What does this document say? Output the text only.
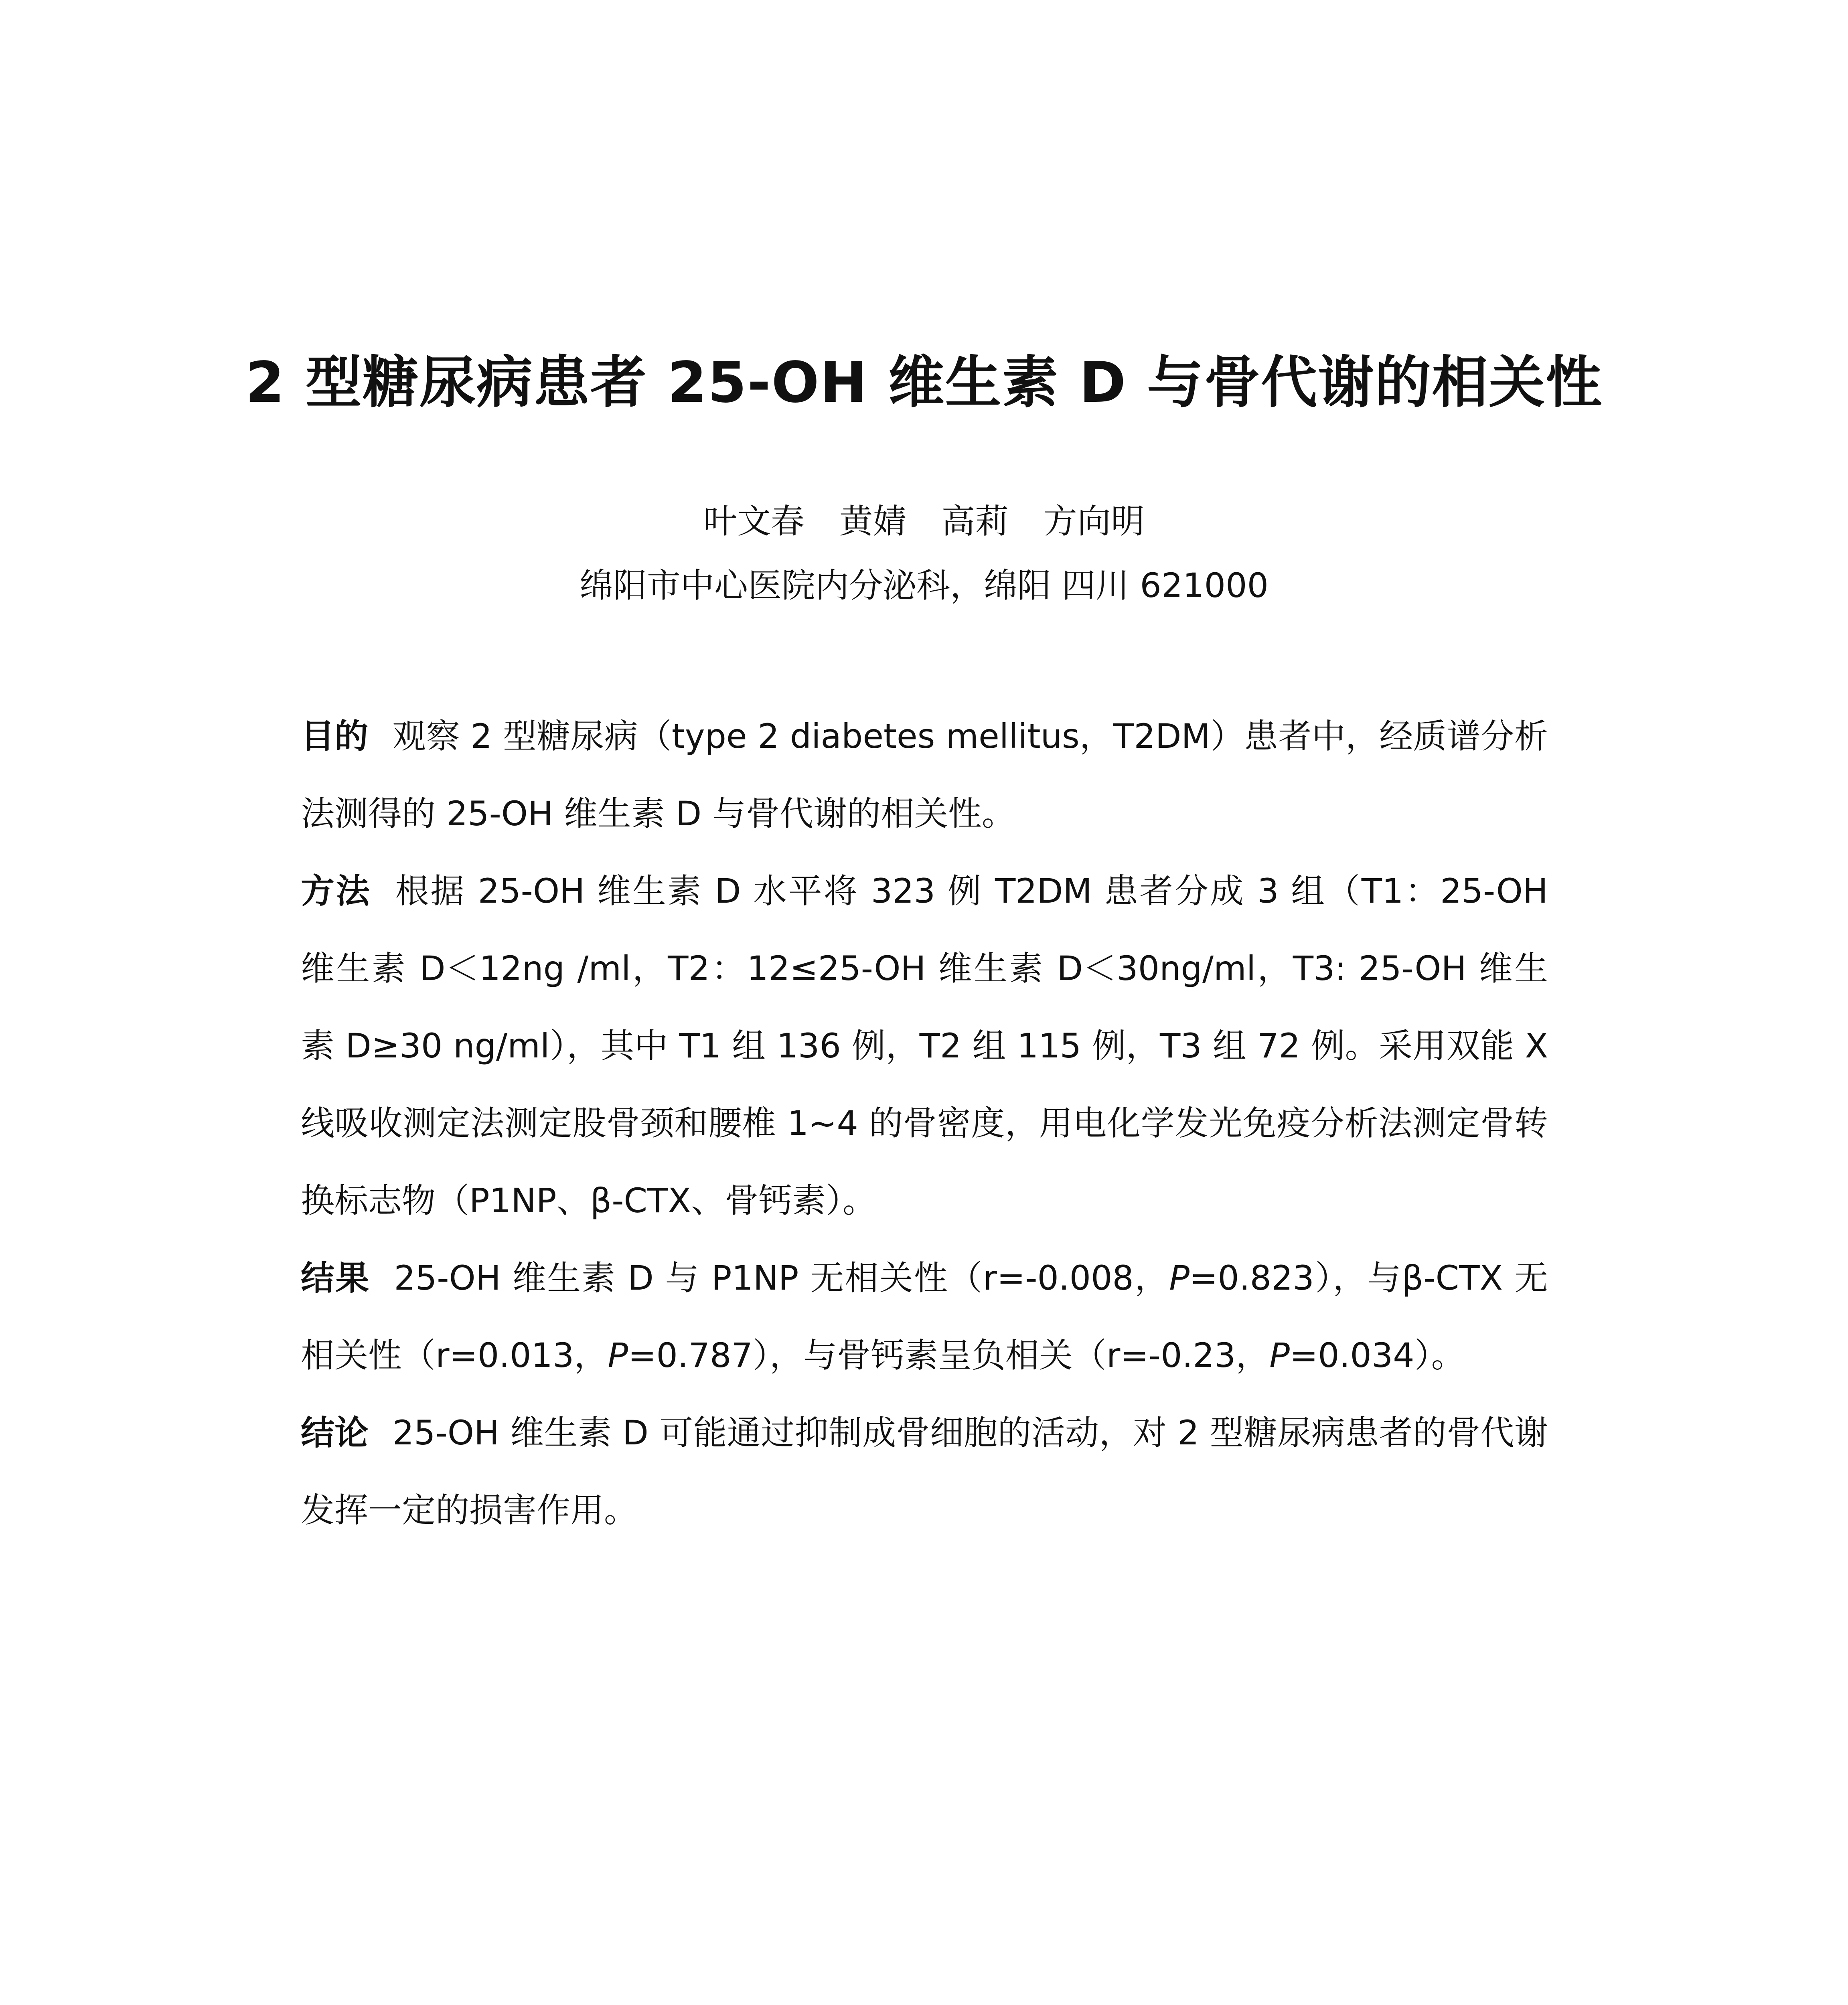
2 型糖尿病患者 25-OH 维生素 D 与骨代谢的相关性
叶文春 黄婧 高莉 方向明
绵阳市中心医院内分泌科，绵阳 四川 621000

目的 观察 2 型糖尿病（type 2 diabetes mellitus，T2DM）患者中，经质谱分析法测得的 25-OH 维生素 D 与骨代谢的相关性。

方法 根据 25-OH 维生素 D 水平将 323 例 T2DM 患者分成 3 组（T1：25-OH 维生素 D＜12ng /ml，T2：12≤25-OH 维生素 D＜30ng/ml，T3: 25-OH 维生素 D≥30 ng/ml），其中 T1 组 136 例，T2 组 115 例，T3 组 72 例。采用双能 X 线吸收测定法测定股骨颈和腰椎 1~4 的骨密度，用电化学发光免疫分析法测定骨转换标志物（P1NP、β-CTX、骨钙素）。

结果 25-OH 维生素 D 与 P1NP 无相关性（r=-0.008，P=0.823），与β-CTX 无相关性（r=0.013，P=0.787），与骨钙素呈负相关（r=-0.23，P=0.034）。

结论 25-OH 维生素 D 可能通过抑制成骨细胞的活动，对 2 型糖尿病患者的骨代谢发挥一定的损害作用。
